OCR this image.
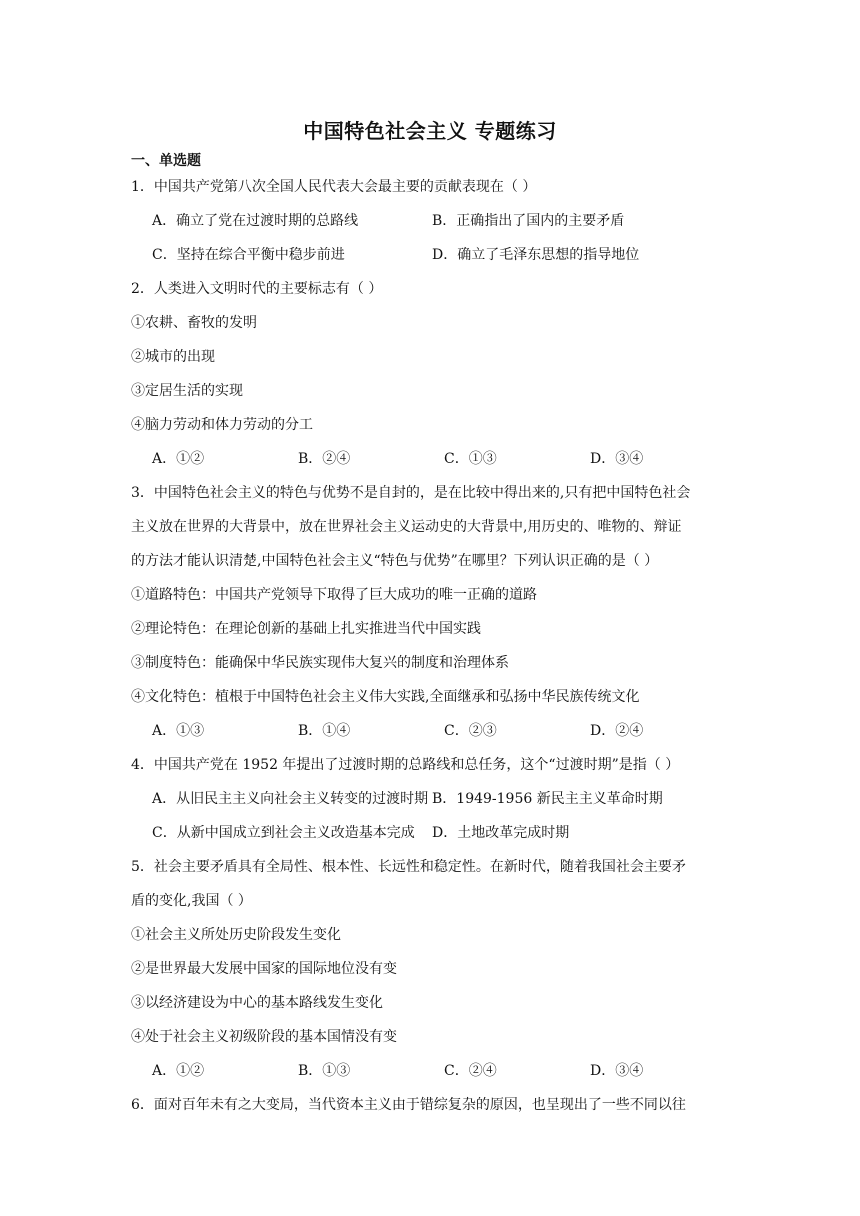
中国特色社会主义 专题练习
一、单选题
1．中国共产党第八次全国人民代表大会最主要的贡献表现在（ ）
A．确立了党在过渡时期的总路线	B．正确指出了国内的主要矛盾
C．坚持在综合平衡中稳步前进	D．确立了毛泽东思想的指导地位
2．人类进入文明时代的主要标志有（ ）
①农耕、畜牧的发明
②城市的出现
③定居生活的实现
④脑力劳动和体力劳动的分工
A．①②	B．②④	C．①③	D．③④
3．中国特色社会主义的特色与优势不是自封的，是在比较中得出来的,只有把中国特色社会
主义放在世界的大背景中，放在世界社会主义运动史的大背景中,用历史的、唯物的、辩证
的方法才能认识清楚,中国特色社会主义“特色与优势”在哪里？下列认识正确的是（ ）
①道路特色：中国共产党领导下取得了巨大成功的唯一正确的道路
②理论特色：在理论创新的基础上扎实推进当代中国实践
③制度特色：能确保中华民族实现伟大复兴的制度和治理体系
④文化特色：植根于中国特色社会主义伟大实践,全面继承和弘扬中华民族传统文化
A．①③	B．①④	C．②③	D．②④
4．中国共产党在 1952 年提出了过渡时期的总路线和总任务，这个“过渡时期”是指（ ）
A．从旧民主主义向社会主义转变的过渡时期 B．1949-1956 新民主主义革命时期
C．从新中国成立到社会主义改造基本完成	D．土地改革完成时期
5．社会主要矛盾具有全局性、根本性、长远性和稳定性。在新时代，随着我国社会主要矛
盾的变化,我国（ ）
①社会主义所处历史阶段发生变化
②是世界最大发展中国家的国际地位没有变
③以经济建设为中心的基本路线发生变化
④处于社会主义初级阶段的基本国情没有变
A．①②	B．①③	C．②④	D．③④
6．面对百年未有之大变局，当代资本主义由于错综复杂的原因，也呈现出了一些不同以往
